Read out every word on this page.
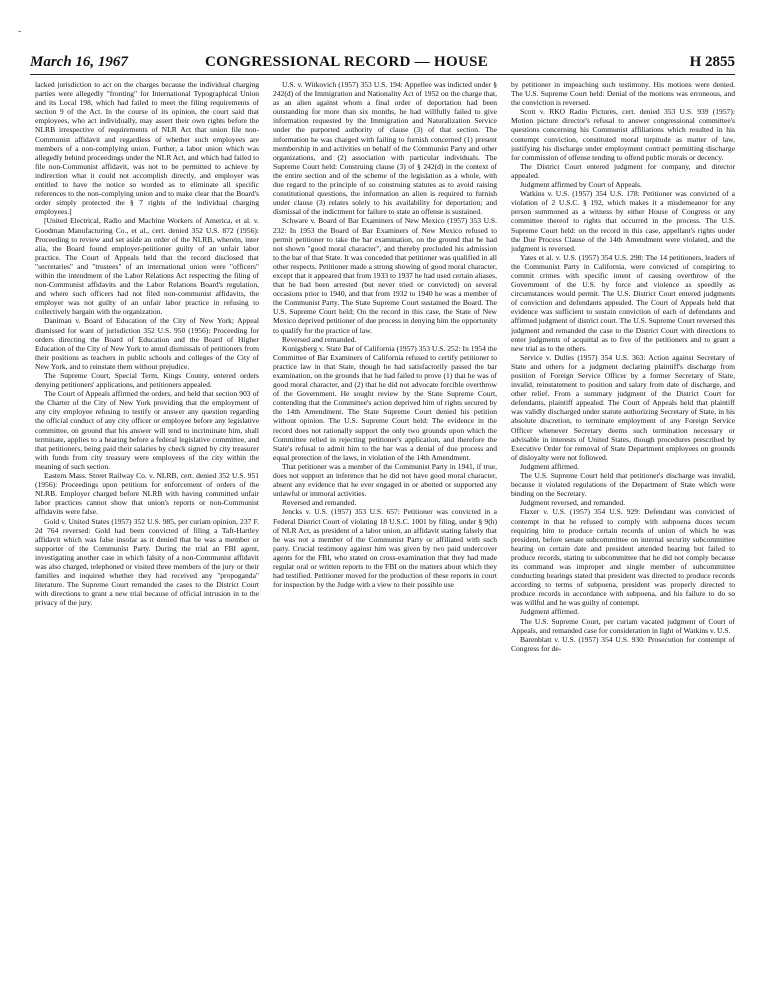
˜
March 16, 1967	CONGRESSIONAL RECORD — HOUSE	H 2855

lacked jurisdiction to act on the charges because the individual charging parties were allegedly "fronting" for International Typographical Union and its Local 198, which had failed to meet the filing requirements of section 9 of the Act. In the course of its opinion, the court said that employees, who act individually, may assert their own rights before the NLRB irrespective of requirements of NLR Act that union file non-Communist affidavit and regardless of whether such employees are members of a non-complying union. Further, a labor union which was allegedly behind proceedings under the NLR Act, and which had failed to file non-Communist affidavit, was not to be permitted to achieve by indirection what it could not accomplish directly, and employer was entitled to have the notice so worded as to eliminate all specific references to the non-complying union and to make clear that the Board's order simply protected the § 7 rights of the individual charging employees.]

[United Electrical, Radio and Machine Workers of America, et al. v. Goodman Manufacturing Co., et al., cert. denied 352 U.S. 872 (1956): Proceeding to review and set aside an order of the NLRB, wherein, inter alia, the Board found employer-petitioner guilty of an unfair labor practice. The Court of Appeals held that the record disclosed that "secretaries" and "trustees" of an international union were "officers" within the intendment of the Labor Relations Act respecting the filing of non-Communist affidavits and the Labor Relations Board's regulation, and where such officers had not filed non-communist affidavits, the employer was not guilty of an unfair labor practice in refusing to collectively bargain with the organization.

Daniman v. Board of Education of the City of New York; Appeal dismissed for want of jurisdiction 352 U.S. 950 (1956): Proceeding for orders directing the Board of Education and the Board of Higher Education of the City of New York to annul dismissals of petitioners from their positions as teachers in public schools and colleges of the City of New York, and to reinstate them without prejudice.

The Supreme Court, Special Term, Kings County, entered orders denying petitioners' applications, and petitioners appealed.

The Court of Appeals affirmed the orders, and held that section 903 of the Charter of the City of New York providing that the employment of any city employee refusing to testify or answer any question regarding the official conduct of any city officer or employee before any legislative committee, on ground that his answer will tend to incriminate him, shall terminate, applies to a hearing before a federal legislative committee, and that petitioners, being paid their salaries by check signed by city treasurer with funds from city treasury were employees of the city within the meaning of such section.

Eastern Mass. Street Railway Co. v. NLRB, cert. denied 352 U.S. 951 (1956): Proceedings upon petitions for enforcement of orders of the NLRB. Employer charged before NLRB with having committed unfair labor practices cannot show that union's reports or non-Communist affidavits were false.

Gold v. United States (1957) 352 U.S. 985, per curiam opinion, 237 F. 2d 764 reversed: Gold had been convicted of filing a Taft-Hartley affidavit which was false insofar as it denied that he was a member or supporter of the Communist Party. During the trial an FBI agent, investigating another case in which falsity of a non-Communist affidavit was also charged, telephoned or visited three members of the jury or their families and inquired whether they had received any "propoganda" literature. The Supreme Court remanded the cases to the District Court with directions to grant a new trial because of official intrusion in to the privacy of the jury.

U.S. v. Witkovich (1957) 353 U.S. 194: Appellee was indicted under § 242(d) of the Immigration and Nationality Act of 1952 on the charge that, as an alien against whom a final order of deportation had been outstanding for more than six months, he had willfully failed to give information requested by the Immigration and Naturalization Service under the purported authority of clause (3) of that section. The information he was charged with failing to furnish concerned (1) present membership in and activities on behalf of the Communist Party and other organizations, and (2) association with particular individuals. The Supreme Court held: Construing clause (3) of § 242(d) in the context of the entire section and of the scheme of the legislation as a whole, with due regard to the principle of so construing statutes as to avoid raising constitutional questions, the information an alien is required to furnish under clause (3) relates solely to his availability for deportation; and dismissal of the indictment for failure to state an offense is sustained.

Schware v. Board of Bar Examiners of New Mexico (1957) 353 U.S. 232: In 1953 the Board of Bar Examiners of New Mexico refused to permit petitioner to take the bar examination, on the ground that he had not shown "good moral character", and thereby precluded his admission to the bar of that State. It was conceded that petitioner was qualified in all other respects. Petitioner made a strong showing of good moral character, except that it appeared that from 1933 to 1937 he had used certain aliases, that he had been arrested (but never tried or convicted) on several occasions prior to 1940, and that from 1932 to 1940 he was a member of the Communist Party. The State Supreme Court sustained the Board. The U.S. Supreme Court held; On the record in this case, the State of New Mexico deprived petitioner of due process in denying him the opportunity to qualify for the practice of law.

Reversed and remanded.

Konigsberg v. State Bar of California (1957) 353 U.S. 252: In 1954 the Committee of Bar Examiners of California refused to certify petitioner to practice law in that State, though he had satisfactorily passed the bar examination, on the grounds that he had failed to prove (1) that he was of good moral character, and (2) that he did not advocate forcible overthrow of the Government. He sought review by the State Supreme Court, contending that the Committee's action deprived him of rights secured by the 14th Amendment. The State Supreme Court denied his petition without opinion. The U.S. Supreme Court held: The evidence in the record does not rationally support the only two grounds upon which the Committee relied in rejecting petitioner's application, and therefore the State's refusal to admit him to the bar was a denial of due process and equal protection of the laws, in violation of the 14th Amendment.

That petitioner was a member of the Communist Party in 1941, if true, does not support an inference that he did not have good moral character, absent any evidence that he ever engaged in or abetted or supported any unlawful or immoral activities.

Reversed and remanded.

Jencks v. U.S. (1957) 353 U.S. 657: Petitioner was convicted in a Federal District Court of violating 18 U.S.C. 1001 by filing, under § 9(h) of NLR Act, as president of a labor union, an affidavit stating falsely that he was not a member of the Communist Party or affiliated with such party. Crucial testimony against him was given by two paid undercover agents for the FBI, who stated on cross-examination that they had made regular oral or written reports to the FBI on the matters about which they had testified. Petitioner moved for the production of these reports in court for inspection by the Judge with a view to their possible use

by petitioner in impeaching such testimony. His motions were denied. The U.S. Supreme Court held: Denial of the motions was erroneous, and the conviction is reversed.

Scott v. RKO Radio Pictures, cert. denied 353 U.S. 939 (1957): Motion picture director's refusal to answer congressional committee's questions concerning his Communist affiliations which resulted in his contempt conviction, constituted moral turpitude as matter of law, justifying his discharge under employment contract permitting discharge for commission of offense tending to offend public morals or decency.

The District Court entered judgment for company, and director appealed.

Judgment affirmed by Court of Appeals.

Watkins v. U.S. (1957) 354 U.S. 178: Petitioner was convicted of a violation of 2 U.S.C. § 192, which makes it a misdemeanor for any person summoned as a witness by either House of Congress or any committee thereof to rights that occurred in the process. The U.S. Supreme Court held: on the record in this case, appellant's rights under the Due Process Clause of the 14th Amendment were violated, and the judgment is reversed.

Yates et al. v. U.S. (1957) 354 U.S. 298: The 14 petitioners, leaders of the Communist Party in California, were convicted of conspiring to commit crimes with specific intent of causing overthrow of the Government of the U.S. by force and violence as speedily as circumstances would permit. The U.S. District Court entered judgments of conviction and defendants appealed. The Court of Appeals held that evidence was sufficient to sustain conviction of each of defendants and affirmed judgment of district court. The U.S. Supreme Court reversed this judgment and remanded the case to the District Court with directions to enter judgments of acquittal as to five of the petitioners and to grant a new trial as to the others.

Service v. Dulles (1957) 354 U.S. 363: Action against Secretary of State and others for a judgment declaring plaintiff's discharge from position of Foreign Service Officer by a former Secretary of State, invalid, reinstatement to position and salary from date of discharge, and other relief. From a summary judgment of the District Court for defendants, plaintiff appealed. The Court of Appeals held that plaintiff was validly discharged under statute authorizing Secretary of State, in his absolute discretion, to terminate employment of any Foreign Service Officer whenever Secretary deems such termination necessary or advisable in interests of United States, though procedures prescribed by Executive Order for removal of State Department employees on grounds of disloyalty were not followed.

Judgment affirmed.

The U.S. Supreme Court held that petitioner's discharge was invalid, because it violated regulations of the Department of State which were binding on the Secretary.

Judgment reversed, and remanded.

Flaxer v. U.S. (1957) 354 U.S. 929: Defendant was convicted of contempt in that he refused to comply with subpoena duces tecum requiring him to produce certain records of union of which he was president, before senate subcommittee on internal security subcommittee hearing on certain date and president attended hearing but failed to produce records, stating to subcommittee that he did not comply because its command was improper and single member of subcommittee conducting hearings stated that president was directed to produce records according to terms of subpoena, president was properly directed to produce records in accordance with subpoena, and his failure to do so was willful and he was guilty of contempt.

Judgment affirmed.

The U.S. Supreme Court, per curiam vacated judgment of Court of Appeals, and remanded case for consideration in light of Watkins v. U.S.

Barenblatt v. U.S. (1957) 354 U.S. 930: Prosecution for contempt of Congress for de-
